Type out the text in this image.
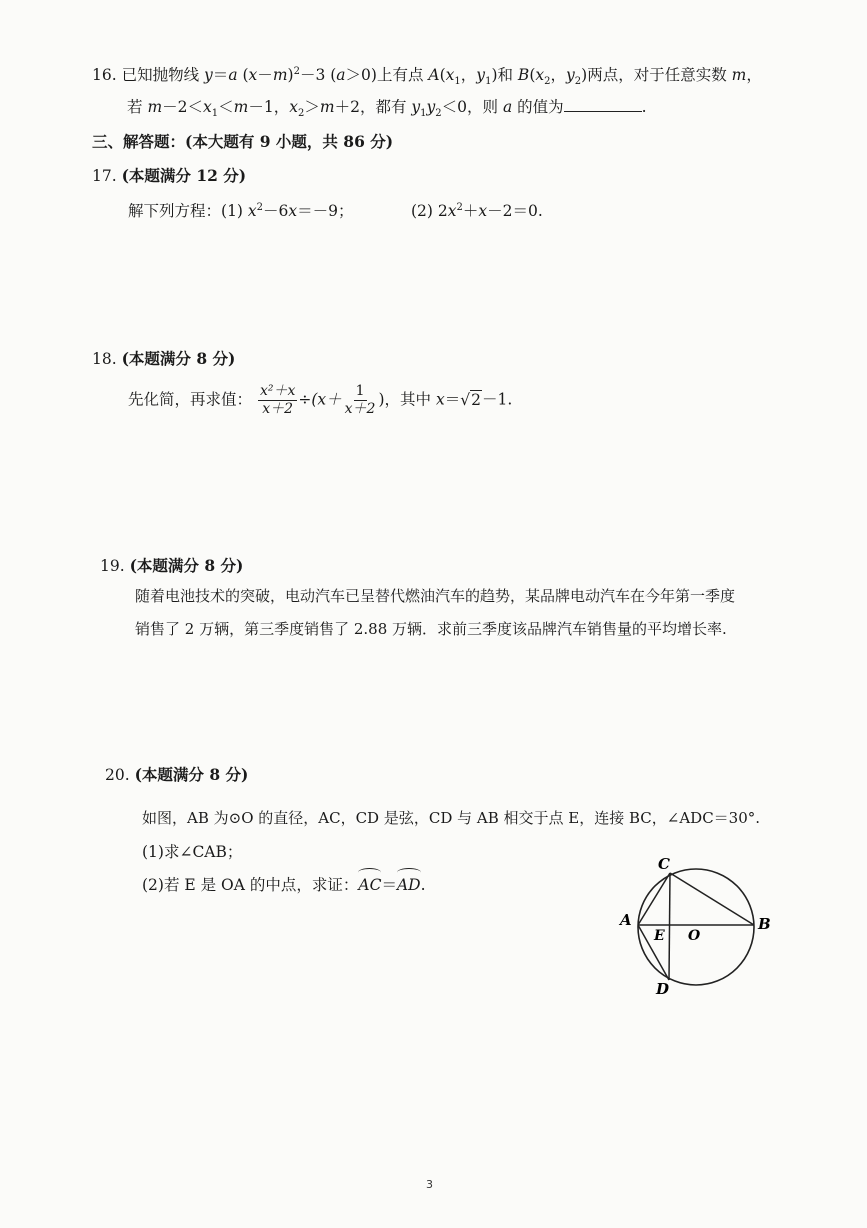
16. 已知抛物线 y＝a $(x-m)^2-3$ (a＞0)上有点 $A(x_1$，$y_1$)和 $B(x_2$，$y_2$)两点，对于任意实数 m，
若 $m-2<x_1<m-1$，$x_2>m+2$，都有 $y_1y_2<0$，则 a 的值为	.
三、解答题：(本大题有 9 小题，共 86 分)
17. (本题满分 12 分)
解下列方程：(1) $x^2-6x=-9$；	(2) $2x^2+x-2=0$.
18. (本题满分 8 分)
先化简，再求值： $\frac{\text{x²＋x}}{x+2} \div(x+ \frac{1}{x+2}$ )，其中 x＝√2－1.
19. (本题满分 8 分)
随着电池技术的突破，电动汽车已呈替代燃油汽车的趋势，某品牌电动汽车在今年第一季度
销售了 2 万辆，第三季度销售了 2.88 万辆．求前三季度该品牌汽车销售量的平均增长率.
20. (本题满分 8 分)
如图，AB 为⊙O 的直径，AC，CD 是弦，CD 与 AB 相交于点 E，连接 BC，∠ADC＝30°.
(1)求∠CAB；
(2)若 E 是 OA 的中点，求证：AC＝AD.
C
A	B
E O
D
3
